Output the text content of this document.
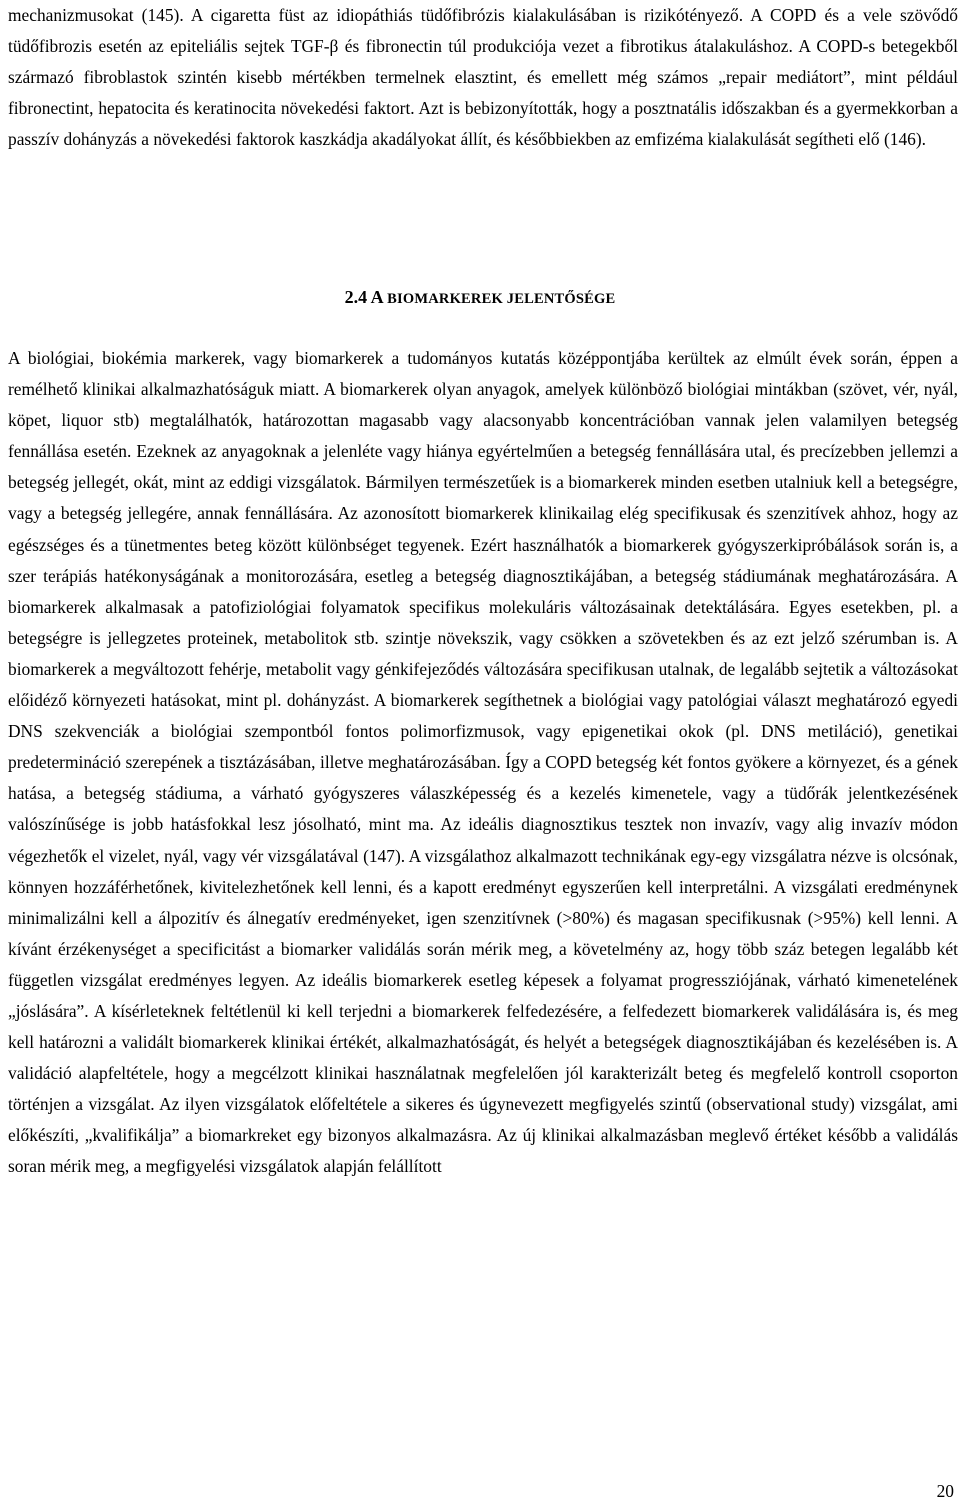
mechanizmusokat (145). A cigaretta füst az idiopáthiás tüdőfibrózis kialakulásában is rizikótényező. A COPD és a vele szövődő tüdőfibrozis esetén az epiteliális sejtek TGF-β és fibronectin túl produkciója vezet a fibrotikus átalakuláshoz. A COPD-s betegekből származó fibroblastok szintén kisebb mértékben termelnek elasztint, és emellett még számos „repair mediátort”, mint például fibronectint, hepatocita és keratinocita növekedési faktort. Azt is bebizonyították, hogy a posztnatális időszakban és a gyermekkorban a passzív dohányzás a növekedési faktorok kaszkádja akadályokat állít, és későbbiekben az emfizéma kialakulását segítheti elő (146).

2.4 A BIOMARKEREK JELENTŐSÉGE

A biológiai, biokémia markerek, vagy biomarkerek a tudományos kutatás középpontjába kerültek az elmúlt évek során, éppen a remélhető klinikai alkalmazhatóságuk miatt. A biomarkerek olyan anyagok, amelyek különböző biológiai mintákban (szövet, vér, nyál, köpet, liquor stb) megtalálhatók, határozottan magasabb vagy alacsonyabb koncentrációban vannak jelen valamilyen betegség fennállása esetén. Ezeknek az anyagoknak a jelenléte vagy hiánya egyértelműen a betegség fennállására utal, és precízebben jellemzi a betegség jellegét, okát, mint az eddigi vizsgálatok. Bármilyen természetűek is a biomarkerek minden esetben utalniuk kell a betegségre, vagy a betegség jellegére, annak fennállására. Az azonosított biomarkerek klinikailag elég specifikusak és szenzitívek ahhoz, hogy az egészséges és a tünetmentes beteg között különbséget tegyenek. Ezért használhatók a biomarkerek gyógyszerkipróbálások során is, a szer terápiás hatékonyságának a monitorozására, esetleg a betegség diagnosztikájában, a betegség stádiumának meghatározására. A biomarkerek alkalmasak a patofiziológiai folyamatok specifikus molekuláris változásainak detektálására. Egyes esetekben, pl. a betegségre is jellegzetes proteinek, metabolitok stb. szintje növekszik, vagy csökken a szövetekben és az ezt jelző szérumban is. A biomarkerek a megváltozott fehérje, metabolit vagy génkifejeződés változására specifikusan utalnak, de legalább sejtetik a változásokat előidéző környezeti hatásokat, mint pl. dohányzást. A biomarkerek segíthetnek a biológiai vagy patológiai választ meghatározó egyedi DNS szekvenciák a biológiai szempontból fontos polimorfizmusok, vagy epigenetikai okok (pl. DNS metiláció), genetikai predetermináció szerepének a tisztázásában, illetve meghatározásában. Így a COPD betegség két fontos gyökere a környezet, és a gének hatása, a betegség stádiuma, a várható gyógyszeres válaszképesség és a kezelés kimenetele, vagy a tüdőrák jelentkezésének valószínűsége is jobb hatásfokkal lesz jósolható, mint ma. Az ideális diagnosztikus tesztek non invazív, vagy alig invazív módon végezhetők el vizelet, nyál, vagy vér vizsgálatával (147). A vizsgálathoz alkalmazott technikának egy-egy vizsgálatra nézve is olcsónak, könnyen hozzáférhetőnek, kivitelezhetőnek kell lenni, és a kapott eredményt egyszerűen kell interpretálni. A vizsgálati eredménynek minimalizálni kell a álpozitív és álnegatív eredményeket, igen szenzitívnek (>80%) és magasan specifikusnak (>95%) kell lenni. A kívánt érzékenységet a specificitást a biomarker validálás során mérik meg, a követelmény az, hogy több száz betegen legalább két független vizsgálat eredményes legyen. Az ideális biomarkerek esetleg képesek a folyamat progressziójának, várható kimenetelének „jóslására”. A kísérleteknek feltétlenül ki kell terjedni a biomarkerek felfedezésére, a felfedezett biomarkerek validálására is, és meg kell határozni a validált biomarkerek klinikai értékét, alkalmazhatóságát, és helyét a betegségek diagnosztikájában és kezelésében is. A validáció alapfeltétele, hogy a megcélzott klinikai használatnak megfelelően jól karakterizált beteg és megfelelő kontroll csoporton történjen a vizsgálat. Az ilyen vizsgálatok előfeltétele a sikeres és úgynevezett megfigyelés szintű (observational study) vizsgálat, ami előkészíti, „kvalifikálja” a biomarkreket egy bizonyos alkalmazásra. Az új klinikai alkalmazásban meglevő értéket később a validálás soran mérik meg, a megfigyelési vizsgálatok alapján felállított

20
